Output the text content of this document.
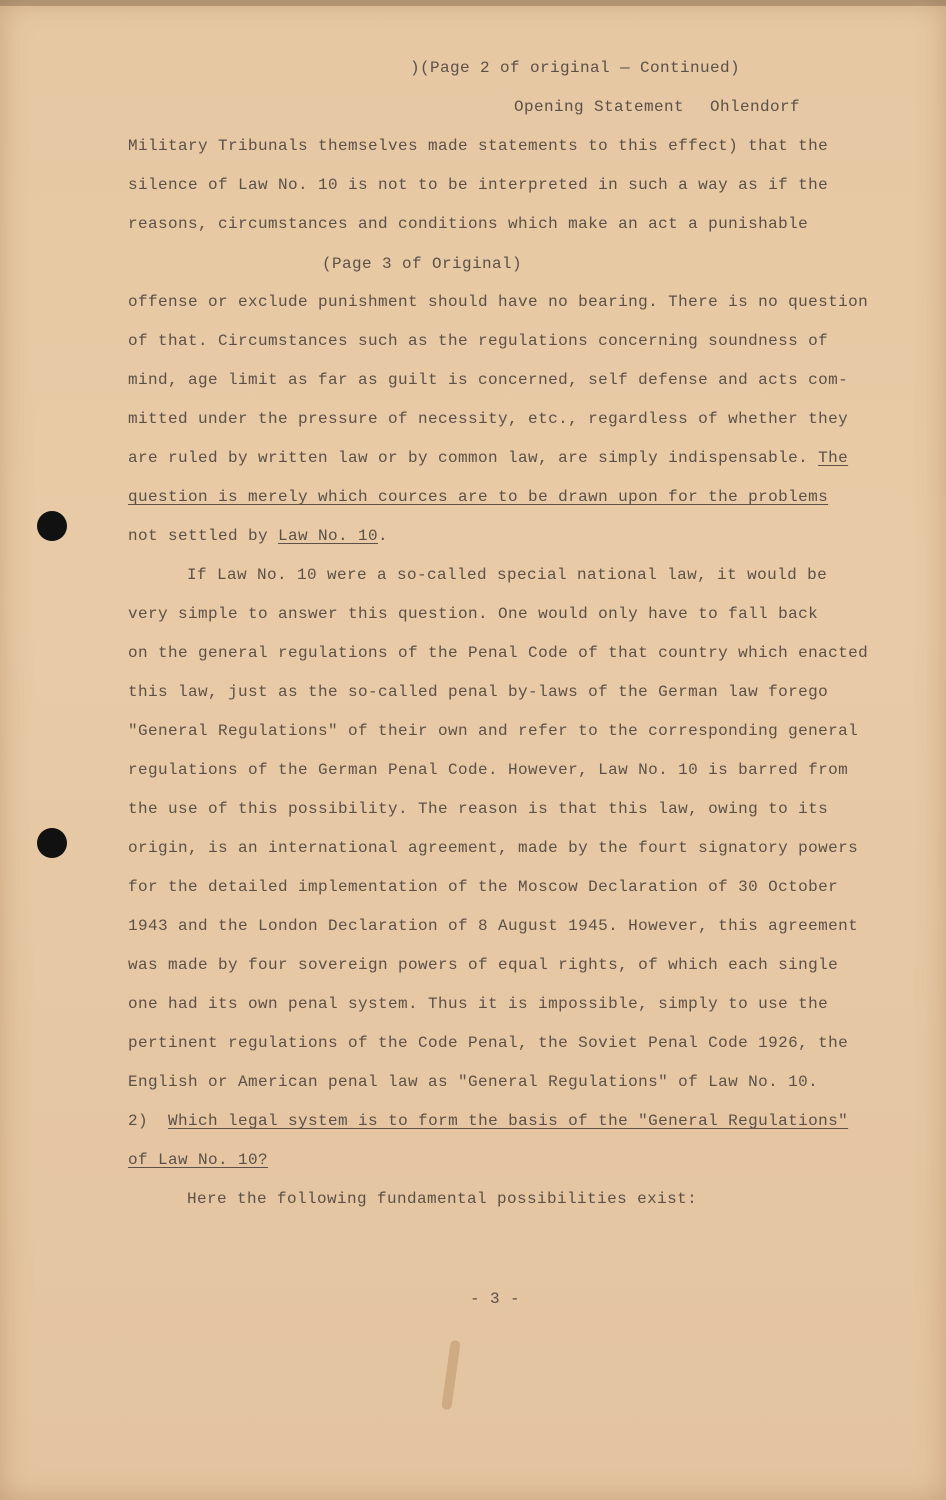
)(Page 2 of original — Continued)

Opening Statement Ohlendorf

Military Tribunals themselves made statements to this effect) that the

silence of Law No. 10 is not to be interpreted in such a way as if the

reasons, circumstances and conditions which make an act a punishable

(Page 3 of Original)

offense or exclude punishment should have no bearing. There is no question

of that. Circumstances such as the regulations concerning soundness of

mind, age limit as far as guilt is concerned, self defense and acts com-

mitted under the pressure of necessity, etc., regardless of whether they

are ruled by written law or by common law, are simply indispensable. The

question is merely which cources are to be drawn upon for the problems

not settled by Law No. 10.

If Law No. 10 were a so-called special national law, it would be

very simple to answer this question. One would only have to fall back

on the general regulations of the Penal Code of that country which enacted

this law, just as the so-called penal by-laws of the German law forego

"General Regulations" of their own and refer to the corresponding general

regulations of the German Penal Code. However, Law No. 10 is barred from

the use of this possibility. The reason is that this law, owing to its

origin, is an international agreement, made by the fourt signatory powers

for the detailed implementation of the Moscow Declaration of 30 October

1943 and the London Declaration of 8 August 1945. However, this agreement

was made by four sovereign powers of equal rights, of which each single

one had its own penal system. Thus it is impossible, simply to use the

pertinent regulations of the Code Penal, the Soviet Penal Code 1926, the

English or American penal law as "General Regulations" of Law No. 10.

2) Which legal system is to form the basis of the "General Regulations"

of Law No. 10?

Here the following fundamental possibilities exist:

- 3 -
